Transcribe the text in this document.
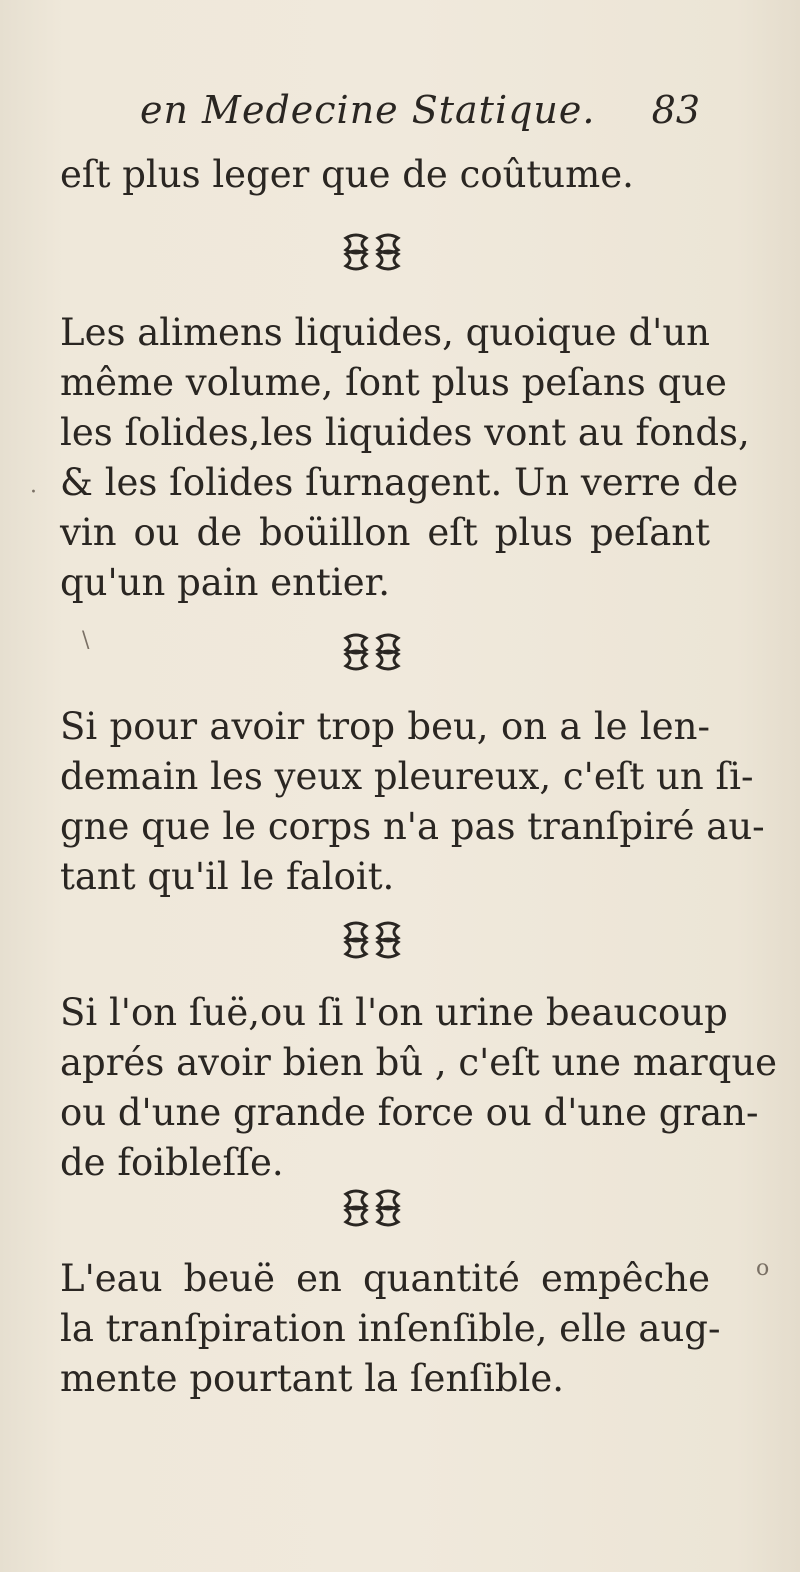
en Medecine Statique. 83
eſt plus leger que de coûtume.
Les alimens liquides, quoique d'un
même volume, ſont plus peſans que
les ſolides,les liquides vont au fonds,
& les ſolides ſurnagent. Un verre de
vin ou de boüillon eſt plus peſant
qu'un pain entier.
Si pour avoir trop beu, on a le len-
demain les yeux pleureux, c'eſt un ſi-
gne que le corps n'a pas tranſpiré au-
tant qu'il le faloit.
Si l'on ſuë,ou ſi l'on urine beaucoup
aprés avoir bien bû , c'eſt une marque
ou d'une grande force ou d'une gran-
de foibleſſe.
L'eau beuë en quantité empêche
la tranſpiration inſenſible, elle aug-
mente pourtant la ſenſible.
·
\
o
